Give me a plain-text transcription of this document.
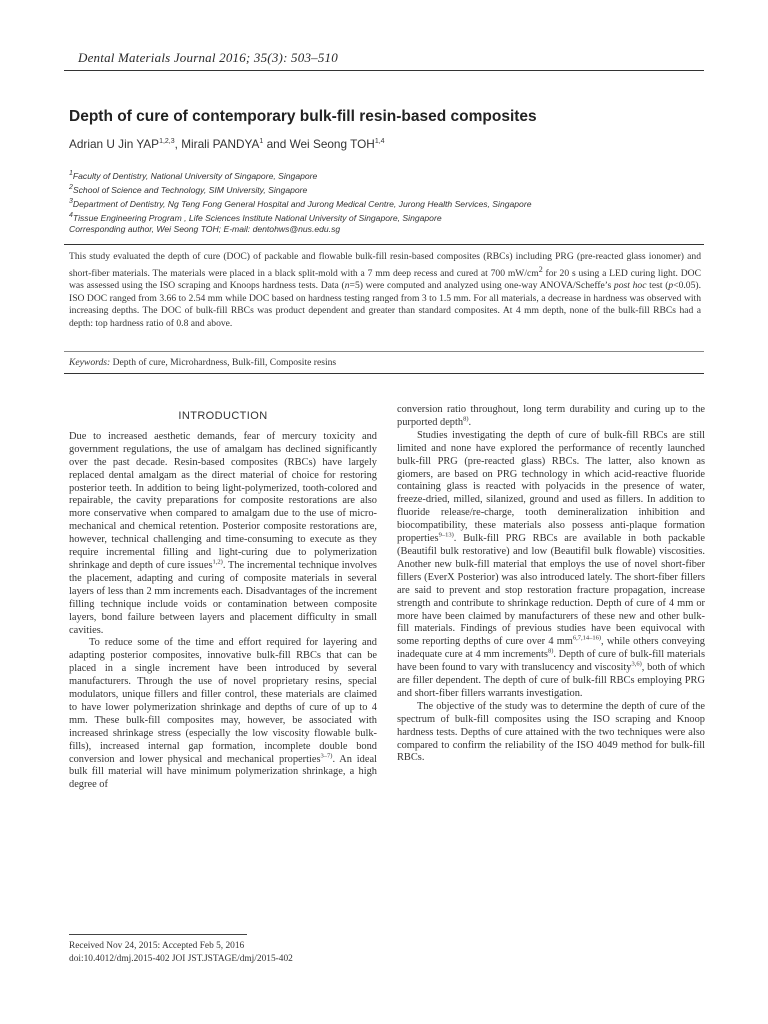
Dental Materials Journal 2016; 35(3): 503–510
Depth of cure of contemporary bulk-fill resin-based composites
Adrian U Jin YAP$^{1,2,3}$, Mirali PANDYA$^1$ and Wei Seong TOH$^{1,4}$
$^1$Faculty of Dentistry, National University of Singapore, Singapore
$^2$School of Science and Technology, SIM University, Singapore
$^3$Department of Dentistry, Ng Teng Fong General Hospital and Jurong Medical Centre, Jurong Health Services, Singapore
$^4$Tissue Engineering Program , Life Sciences Institute National University of Singapore, Singapore
Corresponding author, Wei Seong TOH; E-mail: dentohws@nus.edu.sg

This study evaluated the depth of cure (DOC) of packable and flowable bulk-fill resin-based composites (RBCs) including PRG (pre-reacted glass ionomer) and short-fiber materials. The materials were placed in a black split-mold with a 7 mm deep recess and cured at 700 $mW/cm^2$ for 20 s using a LED curing light. DOC was assessed using the ISO scraping and Knoops hardness tests. Data (n=5) were computed and analyzed using one-way ANOVA/Scheffe’s post hoc test (p<0.05). ISO DOC ranged from 3.66 to 2.54 mm while DOC based on hardness testing ranged from 3 to 1.5 mm. For all materials, a decrease in hardness was observed with increasing depths. The DOC of bulk-fill RBCs was product dependent and greater than standard composites. At 4 mm depth, none of the bulk-fill RBCs had a depth: top hardness ratio of 0.8 and above.

Keywords: Depth of cure, Microhardness, Bulk-fill, Composite resins

INTRODUCTION

Due to increased aesthetic demands, fear of mercury toxicity and government regulations, the use of amalgam has declined significantly over the past decade. Resin-based composites (RBCs) have largely replaced dental amalgam as the direct material of choice for restoring posterior teeth. In addition to being light-polymerized, tooth-colored and repairable, the cavity preparations for composite restorations are also more conservative when compared to amalgam due to the use of micro-mechanical and chemical retention. Posterior composite restorations are, however, technical challenging and time-consuming to execute as they require incremental filling and light-curing due to polymerization shrinkage and depth of cure issues$^{1,2)}$. The incremental technique involves the placement, adapting and curing of composite materials in several layers of less than 2 mm increments each. Disadvantages of the increment filling technique include voids or contamination between composite layers, bond failure between layers and placement difficulty in small cavities.

To reduce some of the time and effort required for layering and adapting posterior composites, innovative bulk-fill RBCs that can be placed in a single increment have been introduced by several manufacturers. Through the use of novel proprietary resins, special modulators, unique fillers and filler control, these materials are claimed to have lower polymerization shrinkage and depths of cure of up to 4 mm. These bulk-fill composites may, however, be associated with increased shrinkage stress (especially the low viscosity flowable bulk-fills), increased internal gap formation, incomplete double bond conversion and lower physical and mechanical properties$^{3-7)}$. An ideal bulk fill material will have minimum polymerization shrinkage, a high degree of

conversion ratio throughout, long term durability and curing up to the purported depth$^{8)}$.

Studies investigating the depth of cure of bulk-fill RBCs are still limited and none have explored the performance of recently launched bulk-fill PRG (pre-reacted glass) RBCs. The latter, also known as giomers, are based on PRG technology in which acid-reactive fluoride containing glass is reacted with polyacids in the presence of water, freeze-dried, milled, silanized, ground and used as fillers. In addition to fluoride release/re-charge, tooth demineralization inhibition and biocompatibility, these materials also possess anti-plaque formation properties$^{9-13)}$. Bulk-fill PRG RBCs are available in both packable (Beautifil bulk restorative) and low (Beautifil bulk flowable) viscosities. Another new bulk-fill material that employs the use of novel short-fiber fillers (EverX Posterior) was also introduced lately. The short-fiber fillers are said to prevent and stop restoration fracture propagation, increase strength and contribute to shrinkage reduction. Depth of cure of 4 mm or more have been claimed by manufacturers of these new and other bulk-fill materials. Findings of previous studies have been equivocal with some reporting depths of cure over 4 mm$^{6,7,14-16)}$, while others conveying inadequate cure at 4 mm increments$^{8)}$. Depth of cure of bulk-fill materials have been found to vary with translucency and viscosity$^{3,6)}$, both of which are filler dependent. The depth of cure of bulk-fill RBCs employing PRG and short-fiber fillers warrants investigation.

The objective of the study was to determine the depth of cure of the spectrum of bulk-fill composites using the ISO scraping and Knoop hardness tests. Depths of cure attained with the two techniques were also compared to confirm the reliability of the ISO 4049 method for bulk-fill RBCs.

Received Nov 24, 2015: Accepted Feb 5, 2016
doi:10.4012/dmj.2015-402 JOI JST.JSTAGE/dmj/2015-402
